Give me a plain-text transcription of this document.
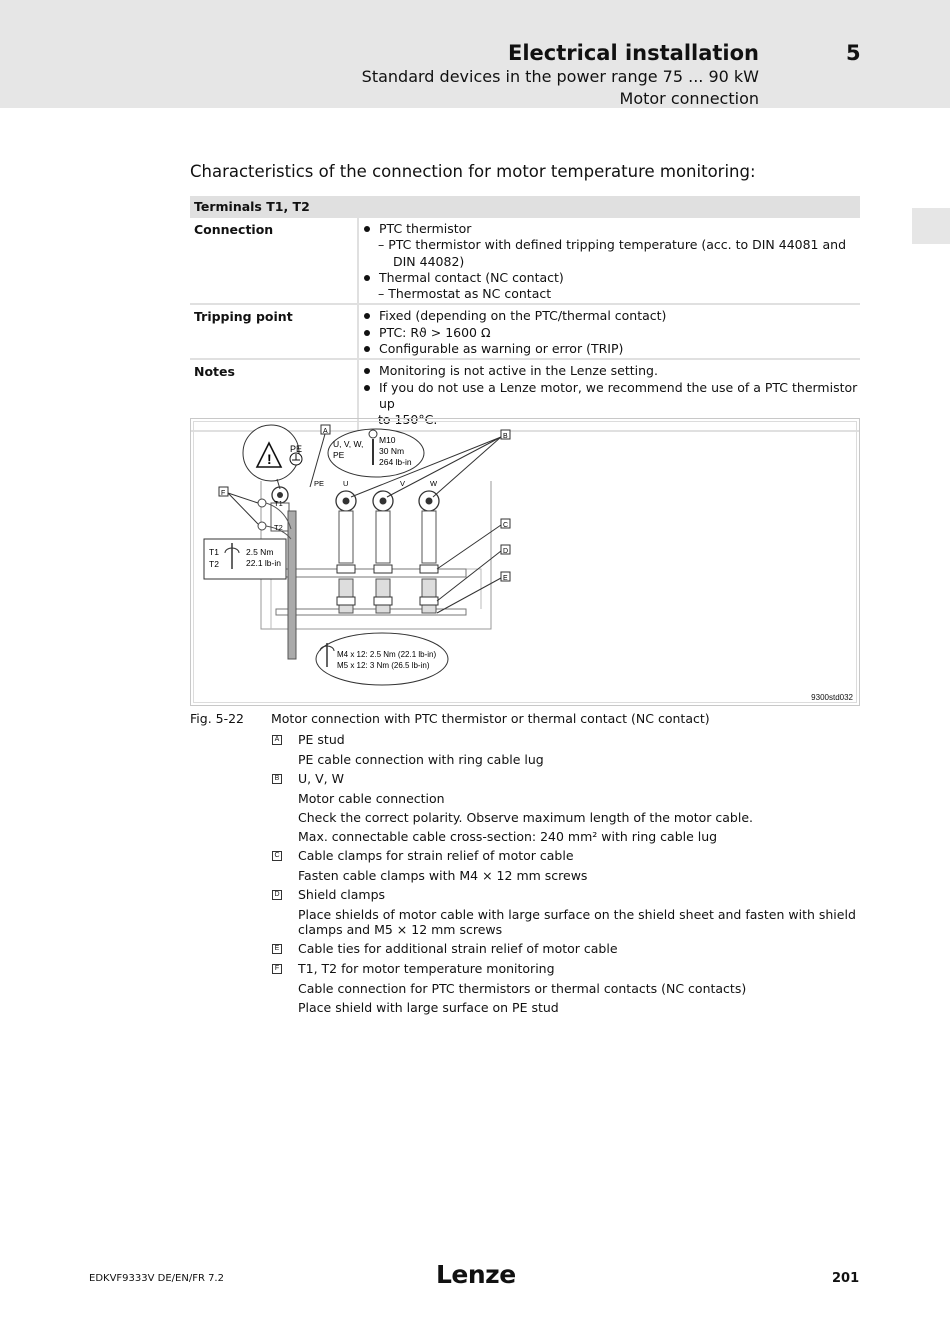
Electrical installation	5
Standard devices in the power range 75 ... 90 kW
Motor connection
Characteristics of the connection for motor temperature monitoring:
Terminals T1, T2
Connection	PTC thermistor
– PTC thermistor with defined tripping temperature (acc. to DIN 44081 and
DIN 44082)
Thermal contact (NC contact)
– Thermostat as NC contact
Tripping point	Fixed (depending on the PTC/thermal contact)
PTC: Rϑ > 1600 Ω
Configurable as warning or error (TRIP)
Notes	Monitoring is not active in the Lenze setting.
If you do not use a Lenze motor, we recommend the use of a PTC thermistor up
to 150°C.
!
PE	U, V, W,
PE
M10
30 Nm
264 lb-in
PE	U	V	W
T1
T2
T1
T2
2.5 Nm
22.1 lb-in
M4 x 12: 2.5 Nm (22.1 lb-in)
M5 x 12: 3 Nm (26.5 lb-in)
A
B
C
D
E
F
9300std032
Fig. 5-22 Motor connection with PTC thermistor or thermal contact (NC contact)
A PE stud
PE cable connection with ring cable lug
B U, V, W
Motor cable connection
Check the correct polarity. Observe maximum length of the motor cable.
Max. connectable cable cross-section: 240 mm² with ring cable lug
C Cable clamps for strain relief of motor cable
Fasten cable clamps with M4 × 12 mm screws
D Shield clamps
Place shields of motor cable with large surface on the shield sheet and fasten with shield clamps and M5 × 12 mm screws
E Cable ties for additional strain relief of motor cable
F T1, T2 for motor temperature monitoring
Cable connection for PTC thermistors or thermal contacts (NC contacts)
Place shield with large surface on PE stud
EDKVF9333V DE/EN/FR 7.2	Lenze	201
